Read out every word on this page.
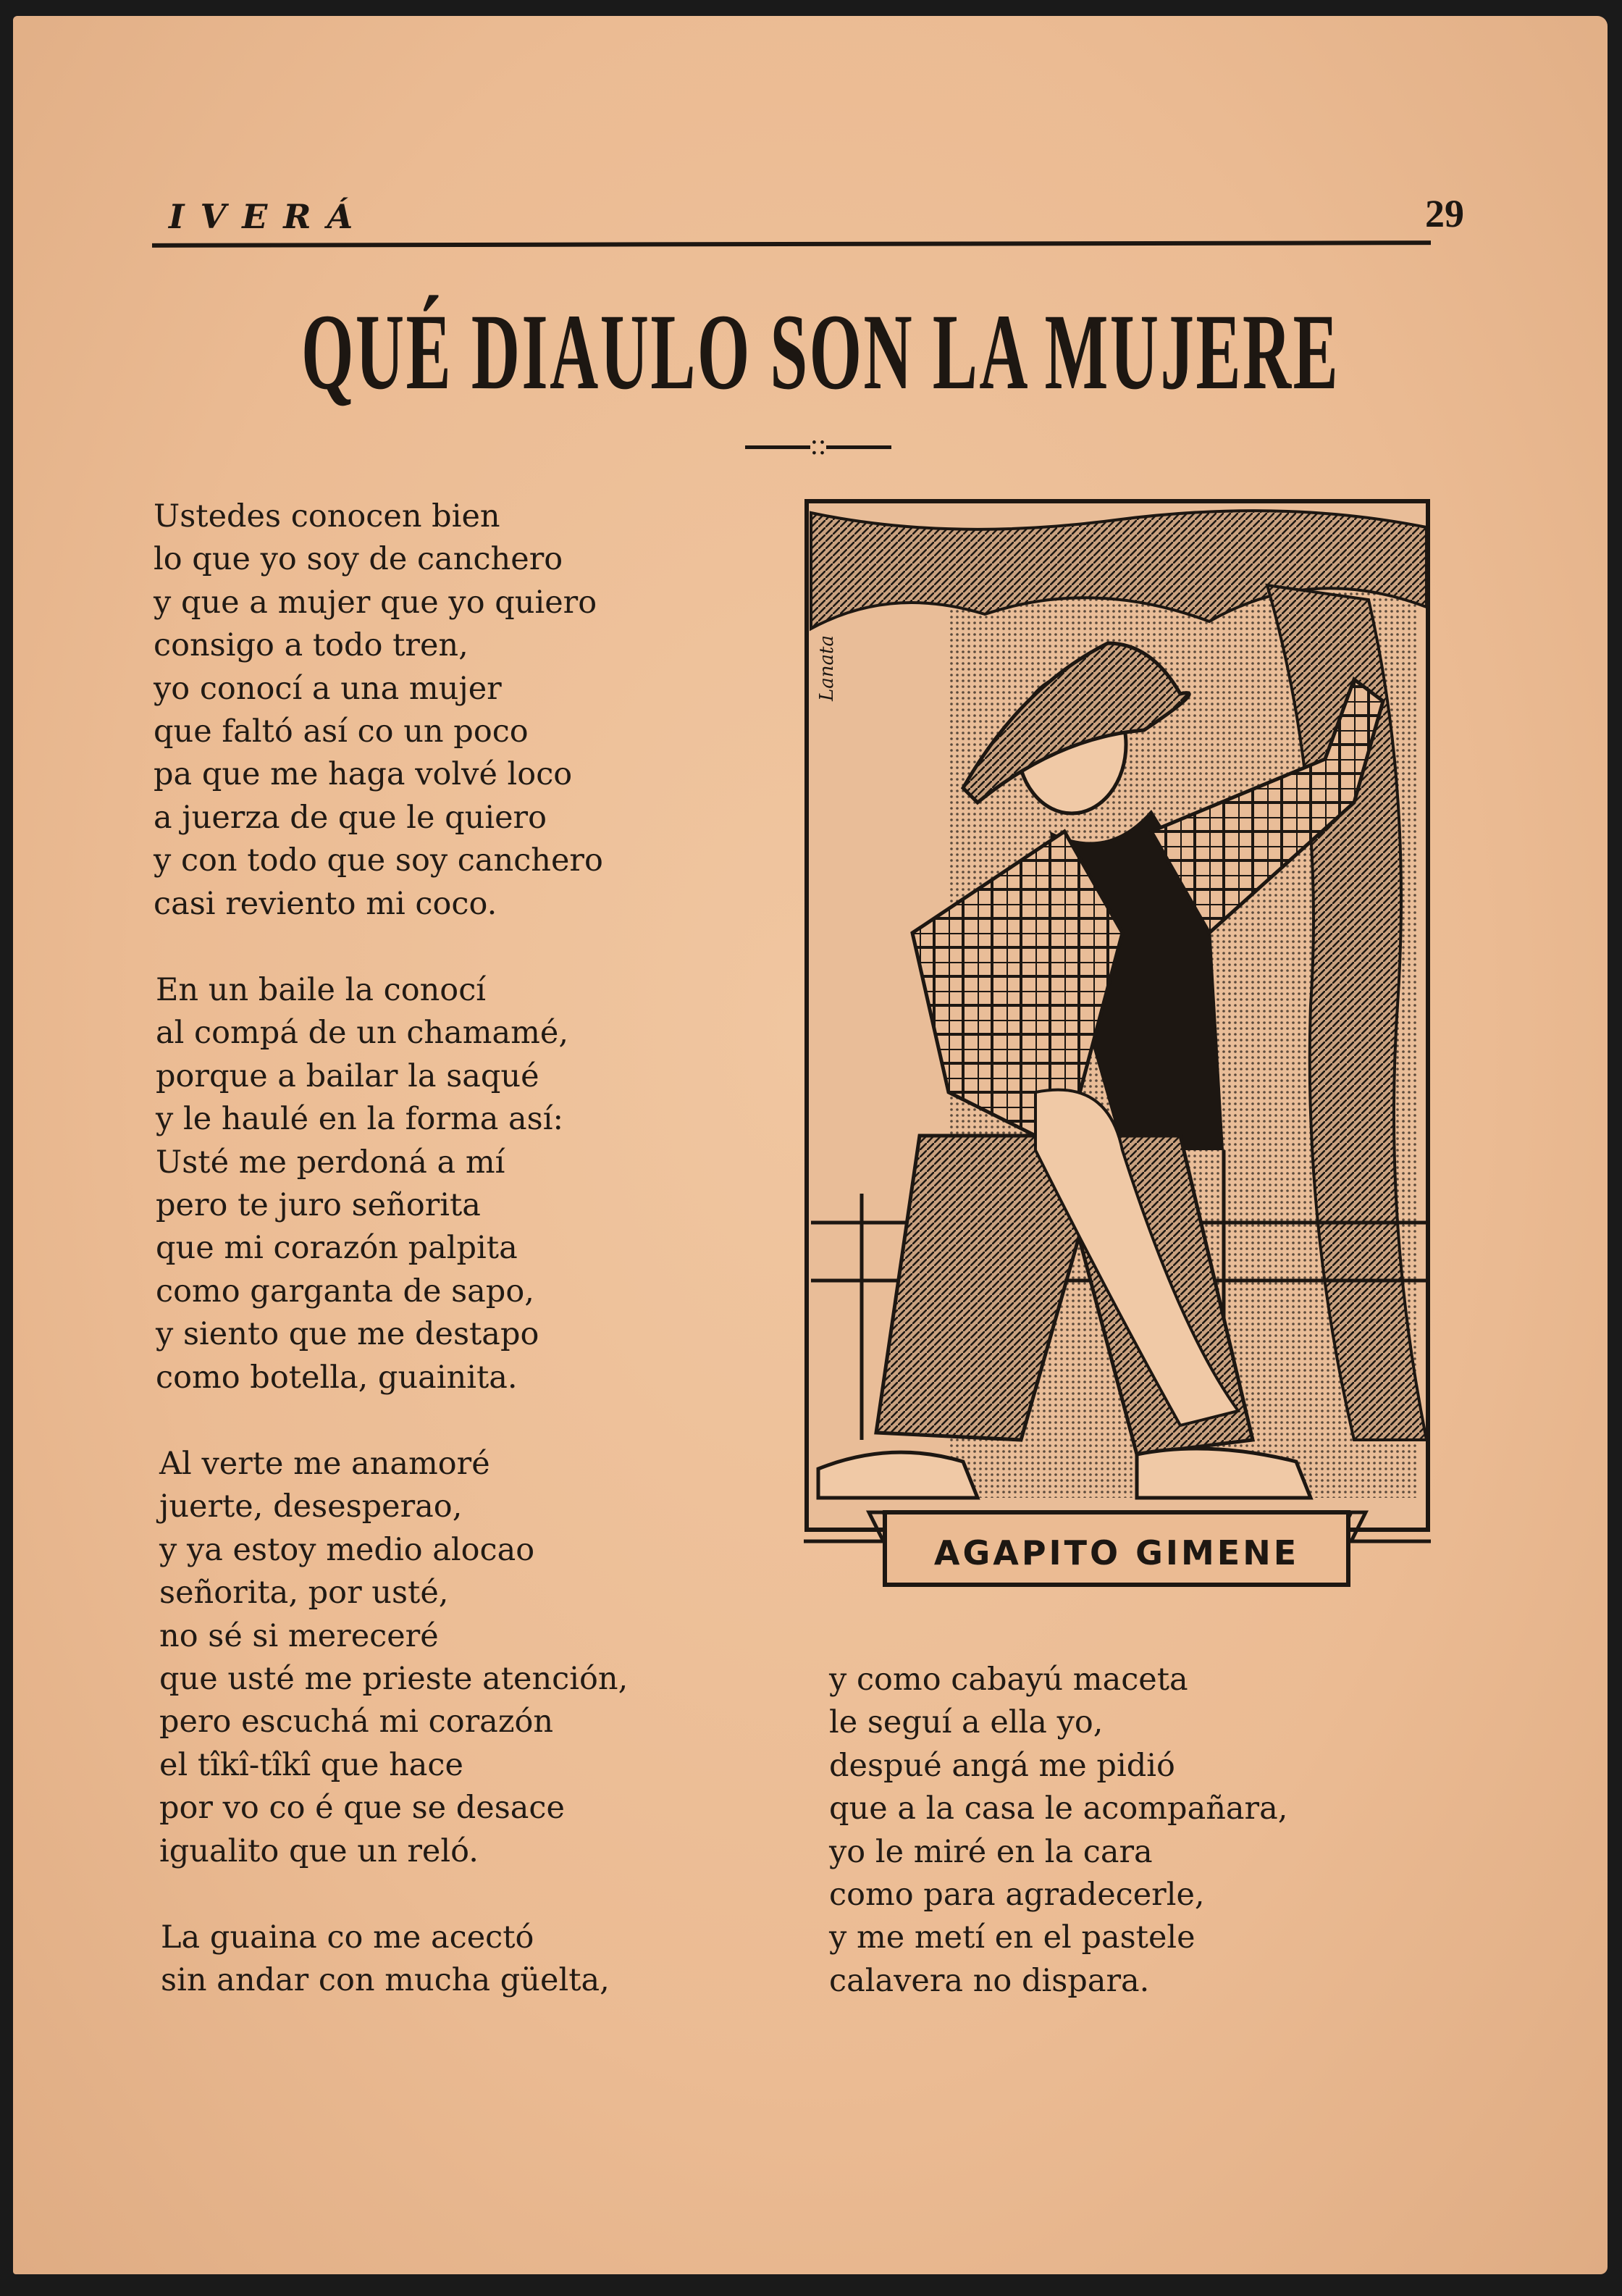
IVERÁ	29
QUÉ DIAULO SON LA MUJERE
::
Ustedes conocen bien
lo que yo soy de canchero
y que a mujer que yo quiero
consigo a todo tren,
yo conocí a una mujer
que faltó así co un poco
pa que me haga volvé loco
a juerza de que le quiero
y con todo que soy canchero
casi reviento mi coco.
En un baile la conocí
al compá de un chamamé,
porque a bailar la saqué
y le haulé en la forma así:
Usté me perdoná a mí
pero te juro señorita
que mi corazón palpita
como garganta de sapo,
y siento que me destapo
como botella, guainita.
Al verte me anamoré
juerte, desesperao,
y ya estoy medio alocao
señorita, por usté,
no sé si mereceré
que usté me prieste atención,
pero escuchá mi corazón
el tîkî-tîkî que hace
por vo co é que se desace
igualito que un reló.
La guaina co me acectó
sin andar con mucha güelta,
y como cabayú maceta
le seguí a ella yo,
despué angá me pidió
que a la casa le acompañara,
yo le miré en la cara
como para agradecerle,
y me metí en el pastele
calavera no dispara.
Lanata
AGAPITO GIMENE
